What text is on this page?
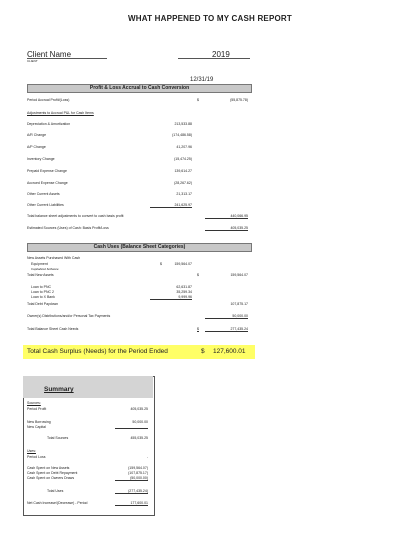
WHAT HAPPENED TO MY CASH REPORT
Client Name
CLIENT
2019
12/31/19
Profit & Loss Accrual to Cash Conversion
Period Accrual Profit/(Loss)	$	(55,875.78)
Adjustments to Accrual P&L for Cash Items
Depreciation & Amortization	213,533.88
A/R Change	(174,486.58)
A/P Change	41,207.96
Inventory Change	(15,474.25)
Prepaid Expense Change	139,614.27
Accrued Expense Change	(28,267.62)
Other Current Assets	21,313.17
Other Current Liabilities	241,625.97
Total balance sheet adjustments to convert to cash basis profit	440,066.95
Estimated Sources (Uses) of Cash: Basis Profit/Loss	405,035.25
Cash Uses (Balance Sheet Categories)
New Assets Purchased With Cash
Equipment	$	159,564.07
Capitalized Software
Total New Assets	$	159,564.07
Loan to PNC	62,631.87
Loan to PNC 2	35,259.34
Loan to X Bank	9,999.96
Total Debt Paydown	107,875.17
Owner(s) Distributions/and/or Personal Tax Payments	50,000.00
Total Balance Sheet Cash Needs	$	277,435.24
Total Cash Surplus (Needs) for the Period Ended	$ 127,600.01
Summary
Sources:
Period Profit	405,035.25
New Borrowing	50,000.00
New Capital
Total Sources	455,035.25
Uses:
Period Loss	-
Cash Spent on New Assets	(159,564.07)
Cash Spent on Debt Repayment	(107,875.17)
Cash Spent on Owners Draws	(50,000.00)
Total Uses	(277,435.24)
Net Cash Increase/(Decrease) - Period	177,600.01
